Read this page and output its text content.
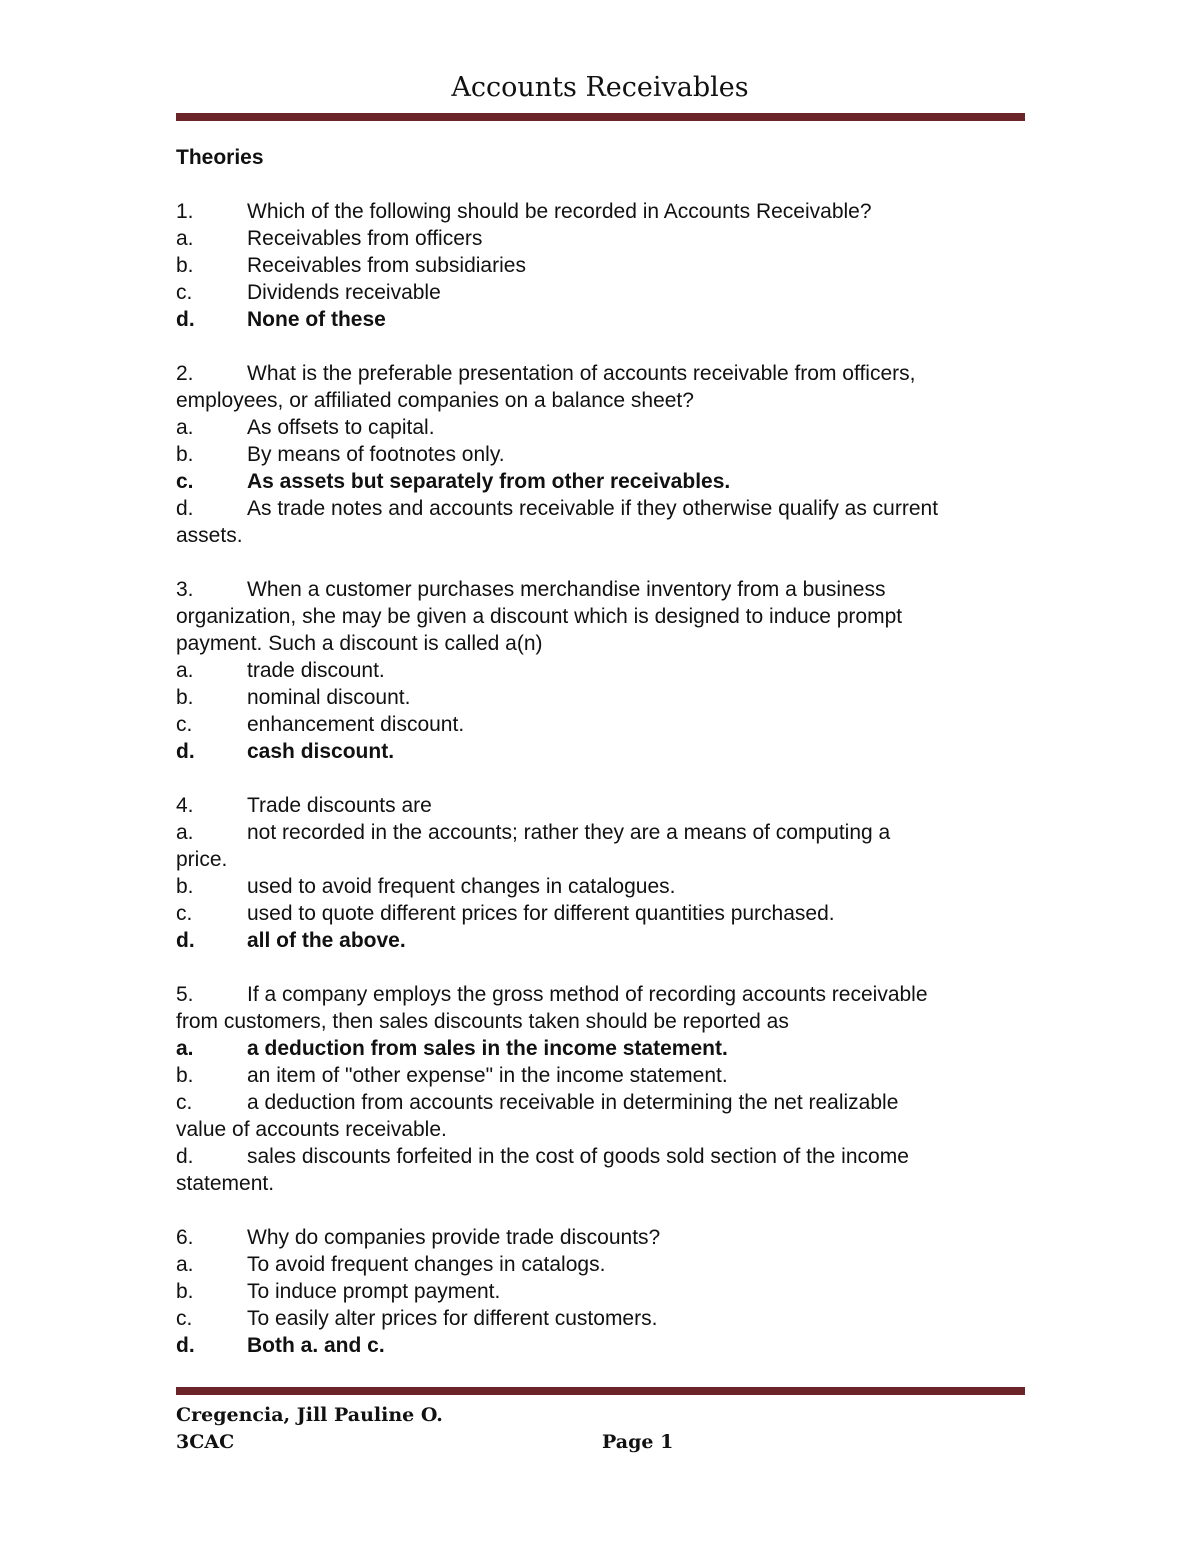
Accounts Receivables
Theories
1.	Which of the following should be recorded in Accounts Receivable?
a.	Receivables from officers
b.	Receivables from subsidiaries
c.	Dividends receivable
d. None of these
2.	What is the preferable presentation of accounts receivable from officers,
employees, or affiliated companies on a balance sheet?
a.	As offsets to capital.
b.	By means of footnotes only.
c.	As assets but separately from other receivables.
d.	As trade notes and accounts receivable if they otherwise qualify as current
assets.
3.	When a customer purchases merchandise inventory from a business
organization, she may be given a discount which is designed to induce prompt
payment. Such a discount is called a(n)
a.	trade discount.
b.	nominal discount.
c.	enhancement discount.
d. cash discount.
4.	Trade discounts are
a.	not recorded in the accounts; rather they are a means of computing a
price.
b.	used to avoid frequent changes in catalogues.
c.	used to quote different prices for different quantities purchased.
d. all of the above.
5.	If a company employs the gross method of recording accounts receivable
from customers, then sales discounts taken should be reported as
a.	a deduction from sales in the income statement.
b.	an item of "other expense" in the income statement.
c.	a deduction from accounts receivable in determining the net realizable
value of accounts receivable.
d.	sales discounts forfeited in the cost of goods sold section of the income
statement.
6.	Why do companies provide trade discounts?
a.	To avoid frequent changes in catalogs.
b.	To induce prompt payment.
c.	To easily alter prices for different customers.
d. Both a. and c.
Cregencia, Jill Pauline O.
3CAC	Page 1
